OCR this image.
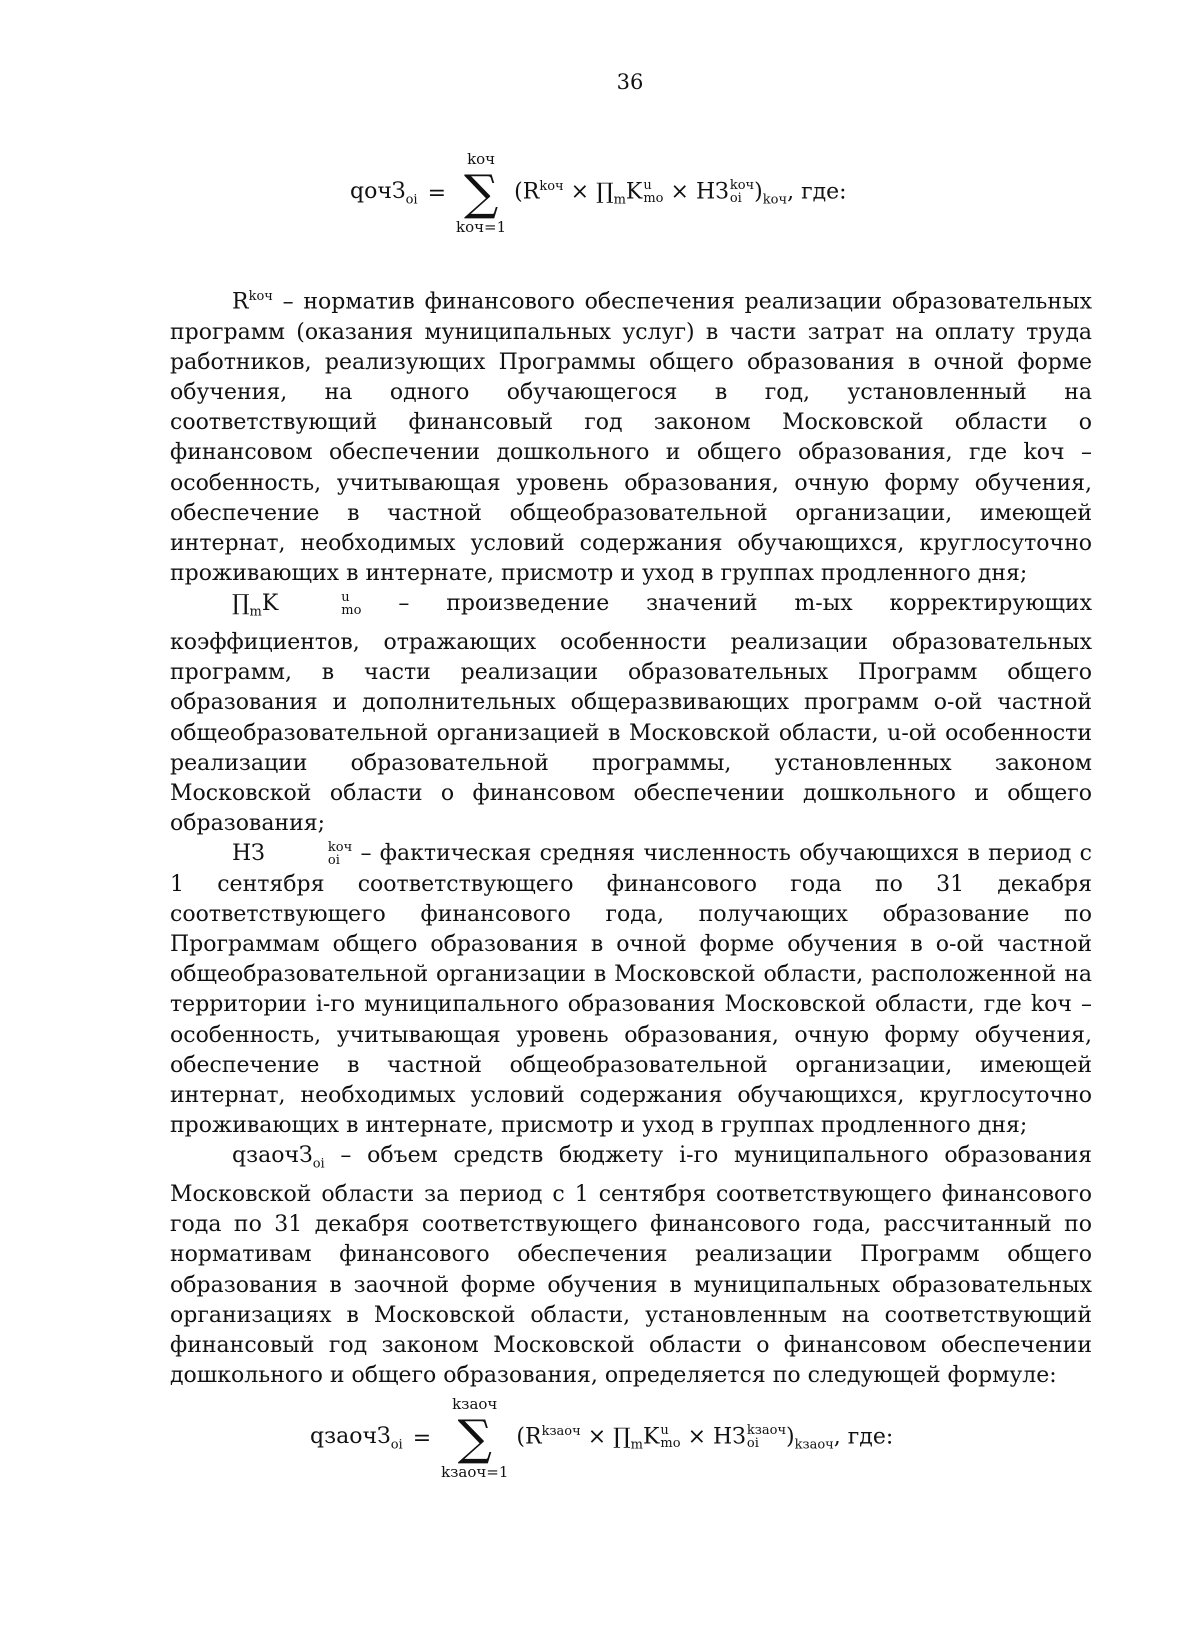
36
qочЗ$_{oi}$ =
kоч
∑
kоч=1
($R^{kоч}$ × $\prod_mK$ u
mo × НЗ kоч
oi )$_{kоч}$, где:

$R^{kоч}$ – норматив финансового обеспечения реализации образовательных программ (оказания муниципальных услуг) в части затрат на оплату труда работников, реализующих Программы общего образования в очной форме обучения, на одного обучающегося в год, установленный на соответствующий финансовый год законом Московской области о финансовом обеспечении дошкольного и общего образования, где kоч – особенность, учитывающая уровень образования, очную форму обучения, обеспечение в частной общеобразовательной организации, имеющей интернат, необходимых условий содержания обучающихся, круглосуточно проживающих в интернате, присмотр и уход в группах продленного дня;

$\prod_mK$	u
mo – произведение значений m-ых корректирующих коэффициентов, отражающих особенности реализации образовательных программ, в части реализации образовательных Программ общего образования и дополнительных общеразвивающих программ о-ой частной общеобразовательной организацией в Московской области, u-ой особенности реализации образовательной программы, установленных законом Московской области о финансовом обеспечении дошкольного и общего образования;

НЗ	kоч
oi – фактическая средняя численность обучающихся в период с 1 сентября соответствующего финансового года по 31 декабря соответствующего финансового года, получающих образование по Программам общего образования в очной форме обучения в о-ой частной общеобразовательной организации в Московской области, расположенной на территории i-го муниципального образования Московской области, где kоч – особенность, учитывающая уровень образования, очную форму обучения, обеспечение в частной общеобразовательной организации, имеющей интернат, необходимых условий содержания обучающихся, круглосуточно проживающих в интернате, присмотр и уход в группах продленного дня;

qзаочЗ$_{oi}$ – объем средств бюджету i-го муниципального образования Московской области за период с 1 сентября соответствующего финансового года по 31 декабря соответствующего финансового года, рассчитанный по нормативам финансового обеспечения реализации Программ общего образования в заочной форме обучения в муниципальных образовательных организациях в Московской области, установленным на соответствующий финансовый год законом Московской области о финансовом обеспечении дошкольного и общего образования, определяется по следующей формуле:

qзаочЗ$_{oi}$ =
kзаоч
∑
kзаоч=1
($R^{kзаоч}$ × $\prod_mK$ u
mo × НЗ kзаоч
oi	)$_{kзаоч}$, где:
